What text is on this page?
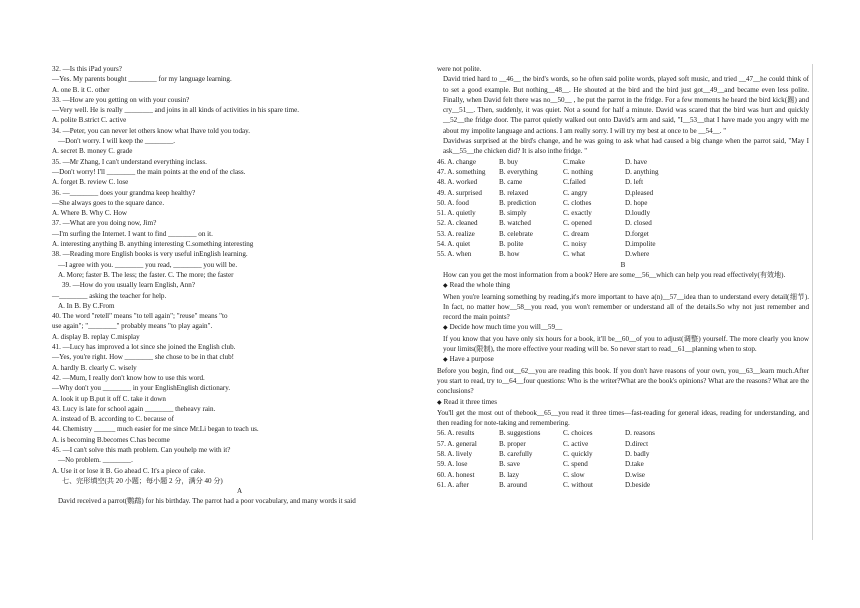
32. —Is this iPad yours?
—Yes. My parents bought ________ for my language learning.
A. one B. it C. other
33. —How are you getting on with your cousin?
—Very well. He is really ________ and joins in all kinds of activities in his spare time.
A. polite B.strict C. active
34. —Peter, you can never let others know what Ihave told you today.
—Don't worry. I will keep the ________.
A. secret B. money C. grade
35. —Mr Zhang, I can't understand everything inclass.
—Don't worry! I'll ________ the main points at the end of the class.
A. forget B. review C. lose
36. —________ does your grandma keep healthy?
—She always goes to the square dance.
A. Where B. Why C. How
37. —What are you doing now, Jim?
—I'm surfing the Internet. I want to find ________ on it.
A. interesting anything B. anything interesting C.something interesting
38. —Reading more English books is very useful inEnglish learning.
—I agree with you. ________ you read, ________ you will be.
A. More; faster B. The less; the faster. C. The more; the faster
39. —How do you usually learn English, Ann?
—________ asking the teacher for help.
A. In B. By C.From
40. The word "retell" means "to tell again"; "reuse" means "to
use again"; "________" probably means "to play again".
A. display B. replay C.misplay
41. —Lucy has improved a lot since she joined the English club.
—Yes, you're right. How ________ she chose to be in that club!
A. hardly B. clearly C. wisely
42. —Mum, I really don't know how to use this word.
—Why don't you ________ in your EnglishEnglish dictionary.
A. look it up B.put it off C. take it down
43. Lucy is late for school again ________ theheavy rain.
A. instead of B. according to C. because of
44. Chemistry ______ much easier for me since Mr.Li began to teach us.
A. is becoming B.becomes C.has become
45. —I can't solve this math problem. Can youhelp me with it?
—No problem. ________.
A. Use it or lose it B. Go ahead C. It's a piece of cake.
七、完形填空(共 20 小题；每小题 2 分，满分 40 分)
A
David received a parrot(鹦鹉) for his birthday. The parrot had a poor vocabulary, and many words it said
were not polite.
David tried hard to __46__ the bird's words, so he often said polite words, played soft music, and tried __47__he could think of to set a good example. But nothing__48__. He shouted at the bird and the bird just got__49__and became even less polite. Finally, when David felt there was no__50__ , he put the parrot in the fridge. For a few moments he heard the bird kick(踢) and cry__51__. Then, suddenly, it was quiet. Not a sound for half a minute. David was scared that the bird was hurt and quickly __52__the fridge door. The parrot quietly walked out onto David's arm and said, "I__53__that I have made you angry with me about my impolite language and actions. I am really sorry. I will try my best at once to be __54__. "
Davidwas surprised at the bird's change, and he was going to ask what had caused a big change when the parrot said, "May I ask__55__the chicken did? It is also inthe fridge. "
46. A. change	B. buy	C.make	D. have
47. A. something	B. everything	C. nothing	D. anything
48. A. worked	B. came	C.failed	D. left
49. A. surprised	B. relaxed	C. angry	D.pleased
50. A. food	B. prediction	C. clothes	D. hope
51. A. quietly	B. simply	C. exactly	D.loudly
52. A. cleaned	B. watched	C. opened	D. closed
53. A. realize	B. celebrate	C. dream	D.forget
54. A. quiet	B. polite	C. noisy	D.impolite
55. A. when	B. how	C. what	D.where
B
How can you get the most information from a book? Here are some__56__which can help you read effectively(有效地).
◆ Read the whole thing
When you're learning something by reading,it's more important to have a(n)__57__idea than to understand every detail(细节). In fact, no matter how__58__you read, you won't remember or understand all of the details.So why not just remember and record the main points?
◆ Decide how much time you will__59__
If you know that you have only six hours for a book, it'll be__60__of you to adjust(调整) yourself. The more clearly you know your limits(限制), the more effective your reading will be. So never start to read__61__planning when to stop.
◆ Have a purpose
Before you begin, find out__62__you are reading this book. If you don't have reasons of your own, you__63__learn much.After you start to read, try to__64__four questions: Who is the writer?What are the book's opinions? What are the reasons? What are the conclusions?
◆ Read it three times
You'll get the most out of thebook__65__you read it three times—fast-reading for general ideas, reading for understanding, and then reading for note-taking and remembering.
56. A. results	B. suggestions	C. choices	D. reasons
57. A. general	B. proper	C. active	D.direct
58. A. lively	B. carefully	C. quickly	D. badly
59. A. lose	B. save	C. spend	D.take
60. A. honest	B. lazy	C. slow	D.wise
61. A. after	B. around	C. without	D.beside
